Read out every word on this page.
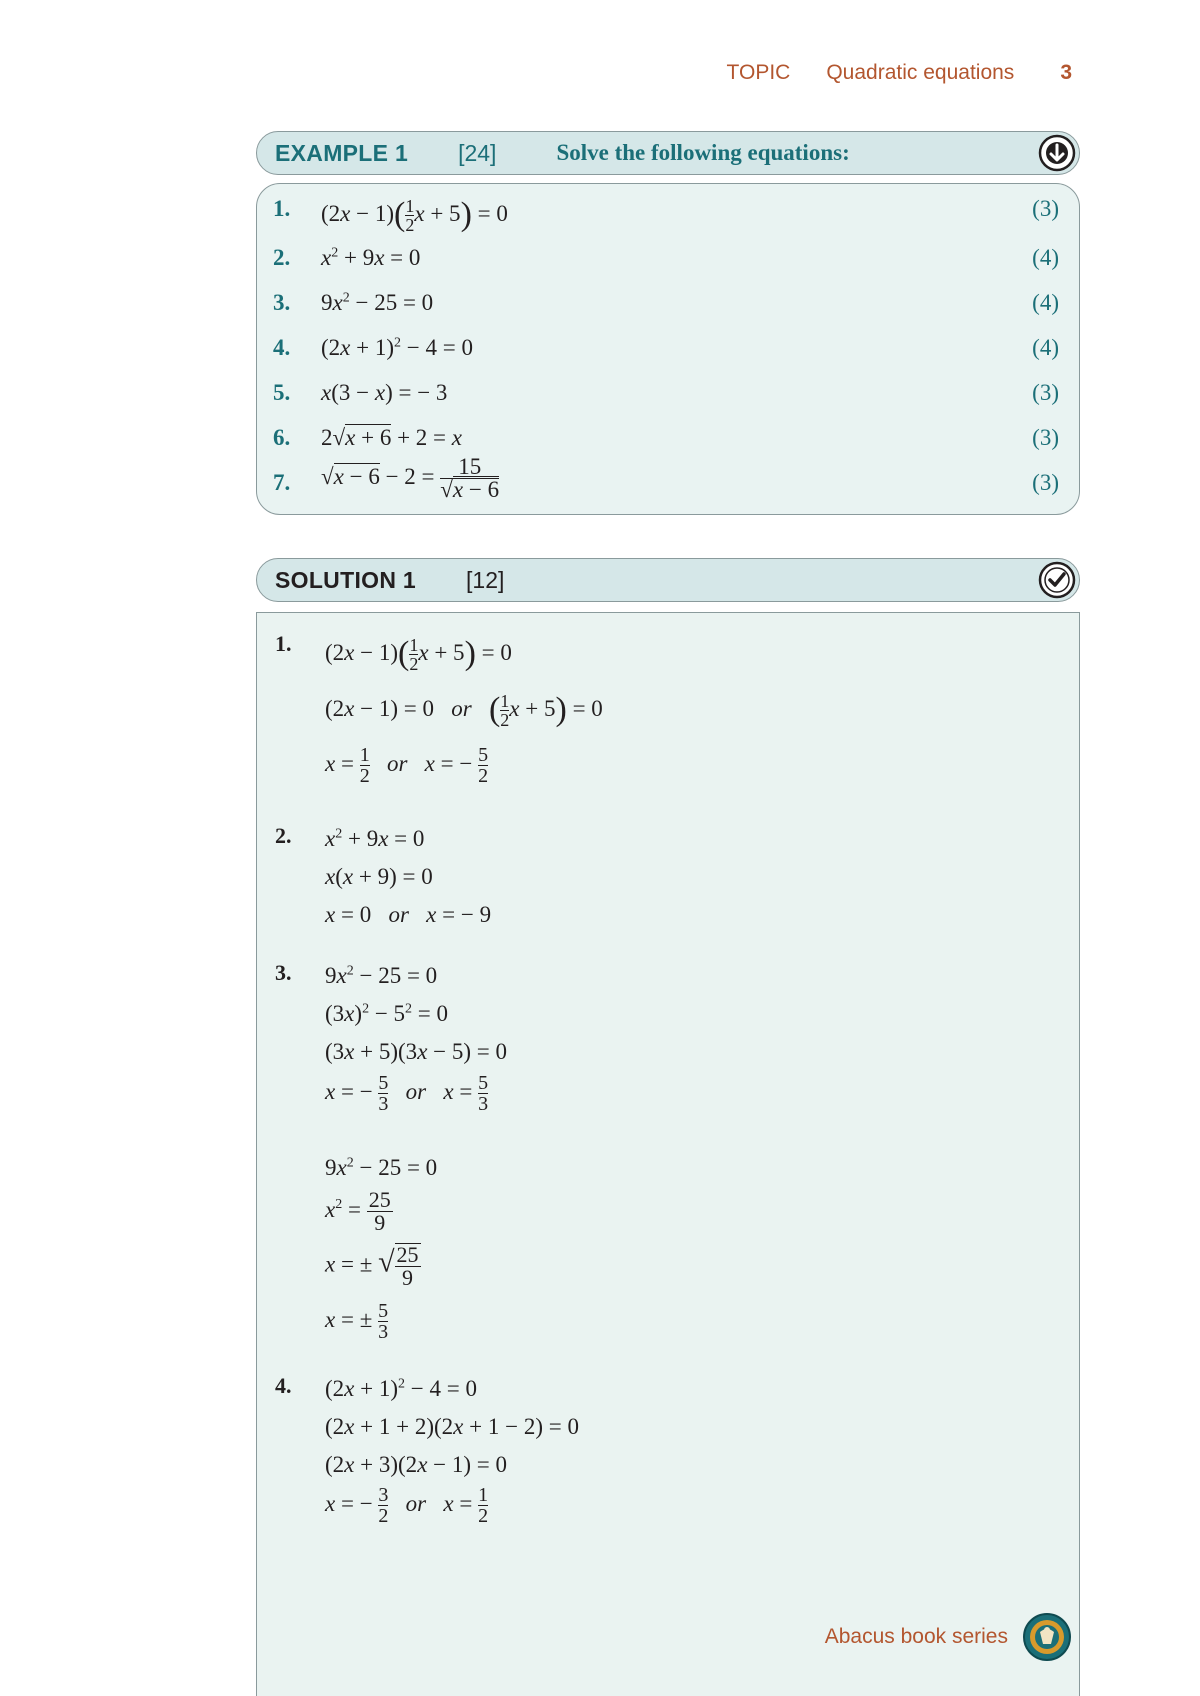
TOPIC Quadratic equations 3
EXAMPLE 1 [24]	Solve the following equations:
1. $(2x - 1)( \frac{1}{2}$ x + 5) = 0	(3)
2. $x^2 + 9x = 0$	(4)
3. $9x^2 - 25 = 0$	(4)
4. $(2x + 1)^2 - 4 = 0$	(4)
5. x(3 − x) = − 3	(3)
6. 2√x + 6 + 2 = x	(3)
7. $√x - 6 - 2 = \frac{15}{√x - 6}$	(3)
SOLUTION 1 [12]
1. $(2x - 1)( \frac{1}{2}$ x + 5) = 0
(2x − 1) = 0   or ( $\frac{1}{2}$ x + 5) = 0
$x = \frac{1}{2}$ or x = − $\frac{5}{2}$
2. $x^2 + 9x = 0$
x(x + 9) = 0
x = 0   or x = − 9
3. $9x^2 - 25 = 0$
$(3x)^2 - 5^2 = 0$
(3x + 5)(3x − 5) = 0
x = − $\frac{5}{3}$ or $x = \frac{5}{3}$
$9x^2 - 25 = 0$
$x^2 = \frac{25}{9}$
x = ± √ $\frac{25}{9}$
x = ± $\frac{5}{3}$
4. $(2x + 1)^2 - 4 = 0$
(2x + 1 + 2)(2x + 1 − 2) = 0
(2x + 3)(2x − 1) = 0
x = − $\frac{3}{2}$ or $x = \frac{1}{2}$
Abacus book series
